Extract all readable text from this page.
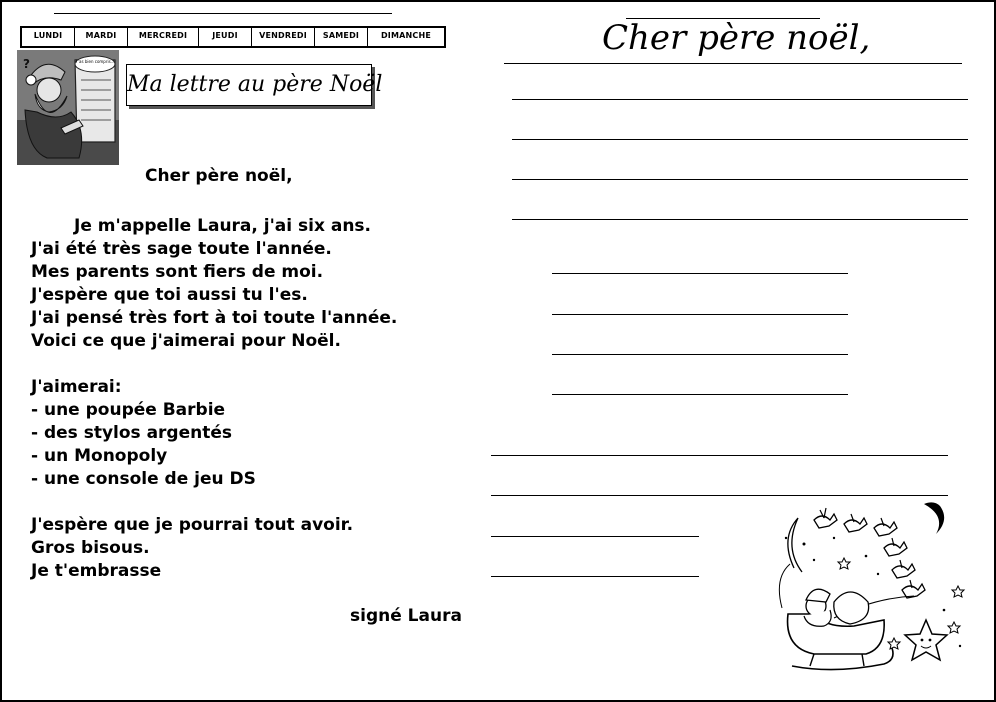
LUNDI	MARDI	MERCREDI	JEUDI	VENDREDI	SAMEDI	DIMANCHE
T'as bien compris...
?
Ma lettre au père Noël
Cher père noël,
Je m'appelle Laura, j'ai six ans.
J'ai été très sage toute l'année.
Mes parents sont fiers de moi.
J'espère que toi aussi tu l'es.
J'ai pensé très fort à toi toute l'année.
Voici ce que j'aimerai pour Noël.
J'aimerai:
- une poupée Barbie
- des stylos argentés
- un Monopoly
- une console de jeu DS
J'espère que je pourrai tout avoir.
Gros bisous.
Je t'embrasse
signé Laura
Cher père noël,
